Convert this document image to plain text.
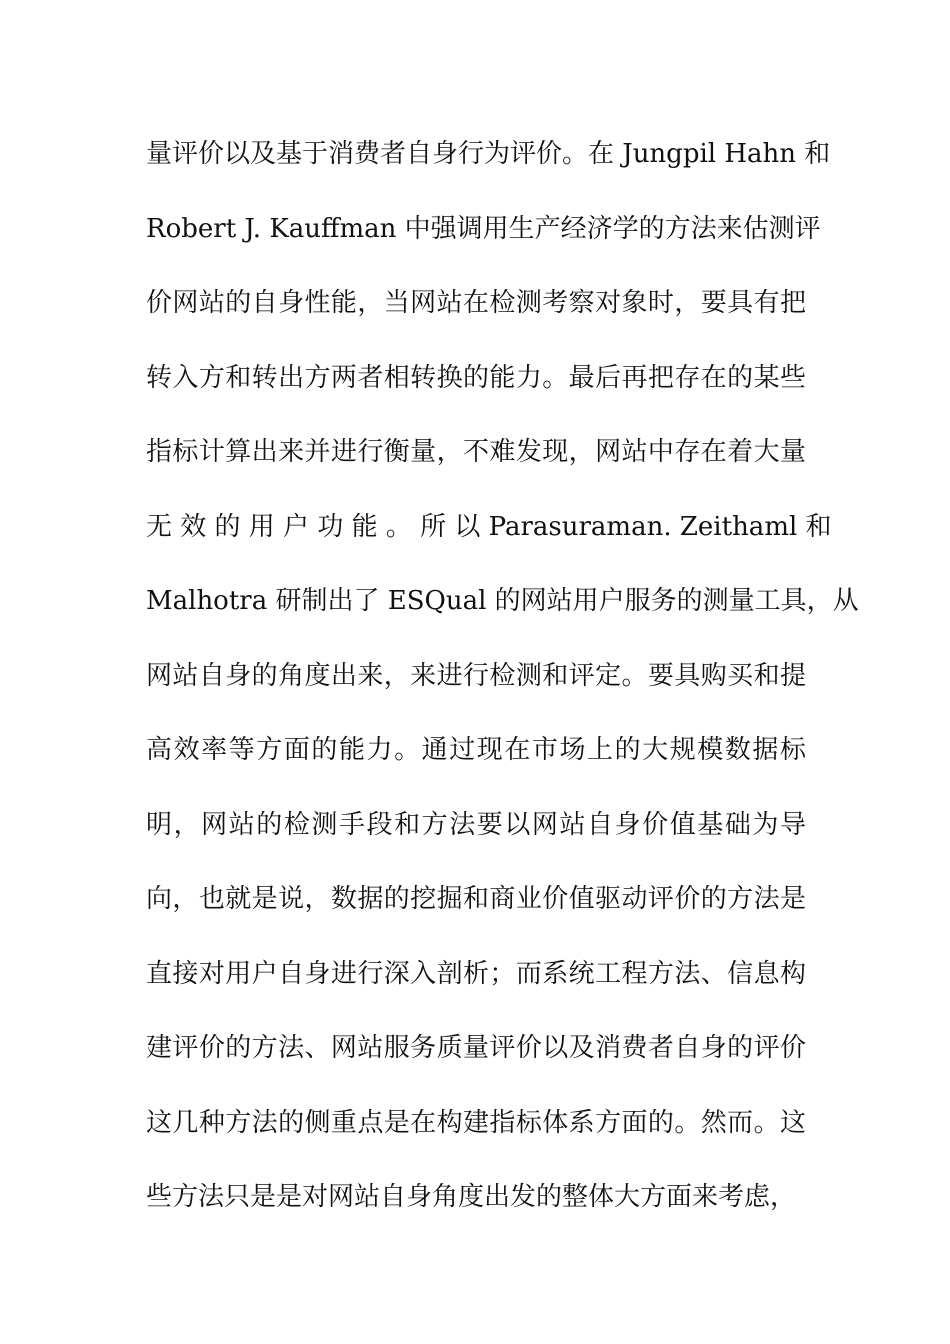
量评价以及基于消费者自身行为评价。在 Jungpil Hahn 和
Robert J. Kauffman 中强调用生产经济学的方法来估测评
价网站的自身性能，当网站在检测考察对象时，要具有把
转入方和转出方两者相转换的能力。最后再把存在的某些
指标计算出来并进行衡量，不难发现，网站中存在着大量
无 效 的 用 户 功 能 。 所 以 Parasuraman. Zeithaml 和
Malhotra 研制出了 ESQual 的网站用户服务的测量工具，从
网站自身的角度出来，来进行检测和评定。要具购买和提
高效率等方面的能力。通过现在市场上的大规模数据标
明，网站的检测手段和方法要以网站自身价值基础为导
向，也就是说，数据的挖掘和商业价值驱动评价的方法是
直接对用户自身进行深入剖析；而系统工程方法、信息构
建评价的方法、网站服务质量评价以及消费者自身的评价
这几种方法的侧重点是在构建指标体系方面的。然而。这
些方法只是是对网站自身角度出发的整体大方面来考虑，
